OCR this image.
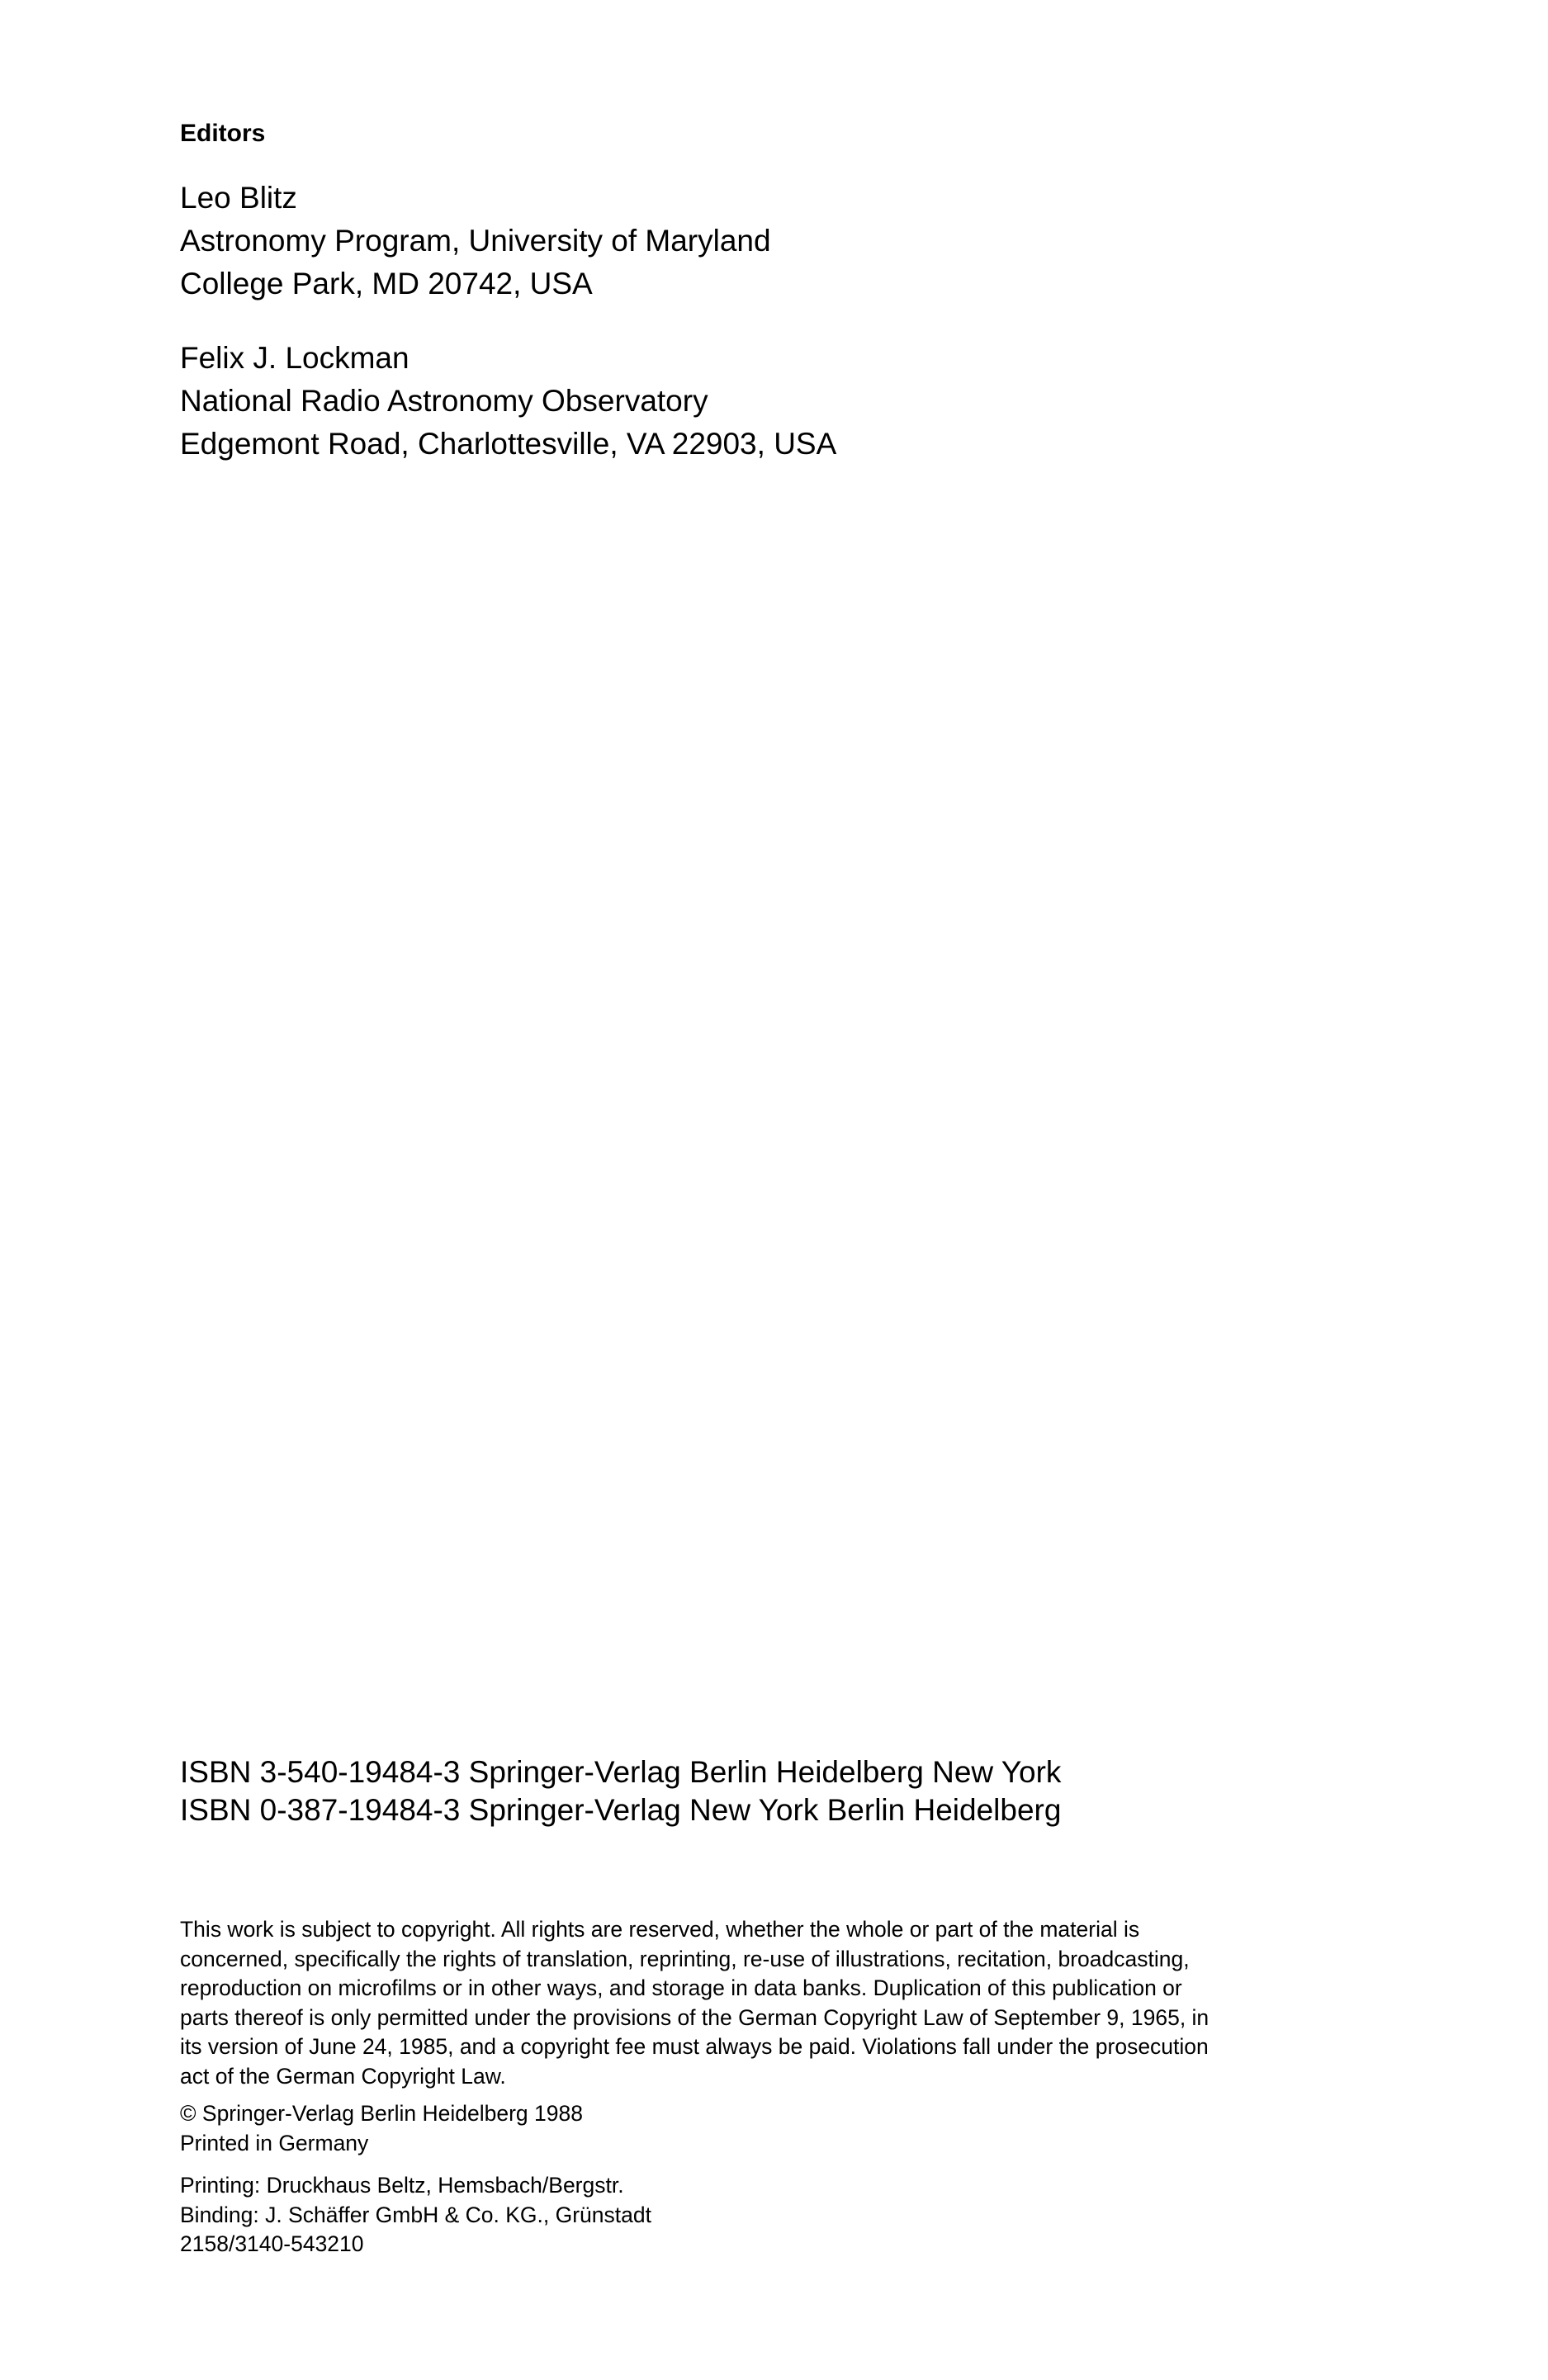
Editors
Leo Blitz
Astronomy Program, University of Maryland
College Park, MD 20742, USA
Felix J. Lockman
National Radio Astronomy Observatory
Edgemont Road, Charlottesville, VA 22903, USA
ISBN 3-540-19484-3 Springer-Verlag Berlin Heidelberg New York
ISBN 0-387-19484-3 Springer-Verlag New York Berlin Heidelberg

This work is subject to copyright. All rights are reserved, whether the whole or part of the material is concerned, specifically the rights of translation, reprinting, re-use of illustrations, recitation, broadcasting, reproduction on microfilms or in other ways, and storage in data banks. Duplication of this publication or parts thereof is only permitted under the provisions of the German Copyright Law of September 9, 1965, in its version of June 24, 1985, and a copyright fee must always be paid. Violations fall under the prosecution act of the German Copyright Law.

© Springer-Verlag Berlin Heidelberg 1988
Printed in Germany
Printing: Druckhaus Beltz, Hemsbach/Bergstr.
Binding: J. Schäffer GmbH & Co. KG., Grünstadt
2158/3140-543210
